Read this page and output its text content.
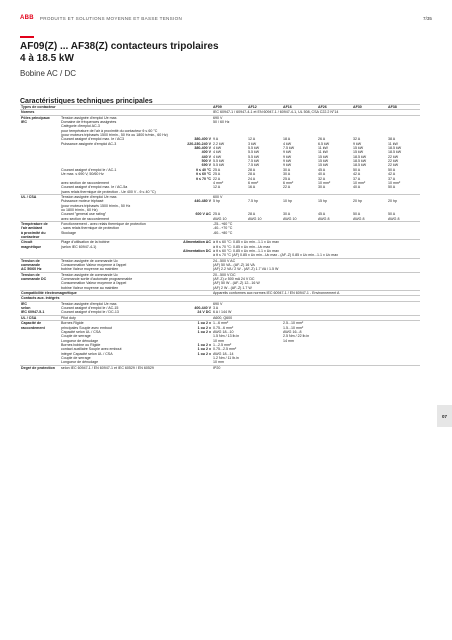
ABB PRODUITS ET SOLUTIONS MOYENNE ET BASSE TENSION	7/35
AF09(Z) ... AF38(Z) contacteurs tripolaires
4 à 18.5 kW
Bobine AC / DC
Caractéristiques techniques principales
07
Types de contacteur			AF09	AF12	AF16	AF26	AF30	AF38
Normes			IEC 60947-1 / 60947-4-1 et EN 60947-1 / 60947-4-1, UL 508, CSA C22.2 N°14					
Pôles principaux	Tension assignée d'emploi Ue max.		690 V					
IEC	Domaine de fréquences assignées		50 / 60 Hz					
	Catégorie d'emploi AC-3							
	pour température de l'air à proximité du contacteur θ ≤ 60 °C							
	(pour moteurs triphasés 1500 tr/min., 50 Hz ou 1800 tr/min., 60 Hz)							
	Courant assigné d'emploi max. Ie / AC3	380-400 V	9 A	12 A	18 A	26 A	32 A	38 A
	Puissance assignée d'emploi AC-3	220-230-240 V	2.2 kW	3 kW	4 kW	6.5 kW	9 kW	11 kW
		380-400 V	4 kW	5.5 kW	7.5 kW	11 kW	15 kW	18.5 kW
		400 V	4 kW	5.5 kW	9 kW	11 kW	15 kW	18.5 kW
		440 V	4 kW	5.5 kW	9 kW	15 kW	18.5 kW	22 kW
		500 V	5.5 kW	7.5 kW	9 kW	15 kW	18.5 kW	22 kW
		690 V	5.5 kW	7.5 kW	9 kW	15 kW	18.5 kW	22 kW
	Courant assigné d'emploi Ie / AC-1	θ ≤ 40 °C	25 A	28 A	30 A	45 A	50 A	50 A
	Ue max. ≤ 690 V, 50/60 Hz	θ ≤ 60 °C	25 A	28 A	30 A	40 A	42 A	42 A
		θ ≤ 70 °C	22 A	24 A	25 A	32 A	37 A	37 A
	avec section de raccordement		4 mm²	6 mm²	6 mm²	10 mm²	10 mm²	10 mm²
	Courant assigné d'emploi max. Ie / AC-5a		12 A	16 A	22 A	30 A	40 A	50 A
	(sans relais thermique de protection - Ue 400 V - θ ≤ 40 °C)							
UL / CSA	Tension assignée d'emploi Ue max.		600 V					
	Puissance moteur triphasé	440-480 V	5 hp	7.5 hp	10 hp	15 hp	20 hp	20 hp
	(pour moteurs triphasés 1500 tr/min., 50 Hz							
	ou 1800 tr/min., 60 Hz)							
	Courant "general use rating"	600 V AC	25 A	28 A	30 A	45 A	50 A	50 A
	avec section de raccordement		AWG 10	AWG 10	AWG 10	AWG 8	AWG 8	AWG 8
Température de	Fonctionnement - avec relais thermique de protection		-25...+60 °C					
l'air ambiant	- sans relais thermique de protection		-40...+70 °C					
à proximité du	Stockage		-60...+80 °C					
contacteur								
Circuit	Plage d'utilisation de la bobine	Alimentation AC	à θ ≤ 60 °C: 0.85 x Uc min...1.1 x Uc max					
magnétique	(selon IEC 60947-4-1)		à θ ≤ 70 °C: 0.85 x Uc min...Uc max					
		Alimentation DC	à θ ≤ 60 °C: 0.85 x Uc min...1.1 x Uc max					
			à θ ≤ 70 °C (AF) 0.85 x Uc min...Uc max - (AF..Z) 0.85 x Uc min...1.1 x Uc max					
Tension de	Tension assignée de commande Uc		24...500 V AC					
commande	Consommation Valeur moyenne à l'appel		(AF) 50 VA - (AF..Z) 16 VA					
AC 50/60 Hz	bobine Valeur moyenne au maintien		(AF) 2.2 VA / 2 W - (AF..Z) 1.7 VA / 1.5 W					
Tension de	Tension assignée de commande Uc		20...500 V DC					
commande DC	Commande sortie d'automate programmable		(AF..Z) ≥ 500 mA 24 V DC					
	Consommation Valeur moyenne à l'appel		(AF) 50 W - (AF..Z) 12...16 W					
	bobine Valeur moyenne au maintien		(AF) 2 W - (AF..Z) 1.7 W					
Compatibilité électromagnétique			Appareils conformes aux normes IEC 60947-1 / EN 60947-1 - Environnement A					
Contacts aux. intégrés								
IEC	Tension assignée d'emploi Ue max.		690 V					
selon	Courant assigné d'emploi Ie / AC-15	400-440 V	3 A					
IEC 60947-5-1	Courant assigné d'emploi Ie / DC-13	24 V DC	6 A / 144 W					
UL / CSA	Pilot duty		A600, Q600					
Capacité de	Bornes Rigide	1 ou 2 x	1...6 mm²		2.5...10 mm²			
raccordement	principales Souple avec embout	1 ou 2 x	0.75...6 mm²		1.5...10 mm²			
	Capacité selon UL / CSA	1 ou 2 x	AWG 18...10		AWG 16...8			
	Couple de serrage		1.5 Nm / 13 lb.in		2.5 Nm / 22 lb.in			
	Longueur de dénudage		10 mm		14 mm			
	Bornes bobine ou Rigide	1 ou 2 x	1...2.5 mm²					
	contact auxiliaire Souple avec embout	1 ou 2 x	0.75...2.5 mm²					
	intégré Capacité selon UL / CSA	1 ou 2 x	AWG 18...14					
	Couple de serrage		1.2 Nm / 11 lb.in					
	Longueur de dénudage		10 mm					
Degré de protection	selon IEC 60947-1 / EN 60947-1 et IEC 60529 / EN 60529		IP20					
